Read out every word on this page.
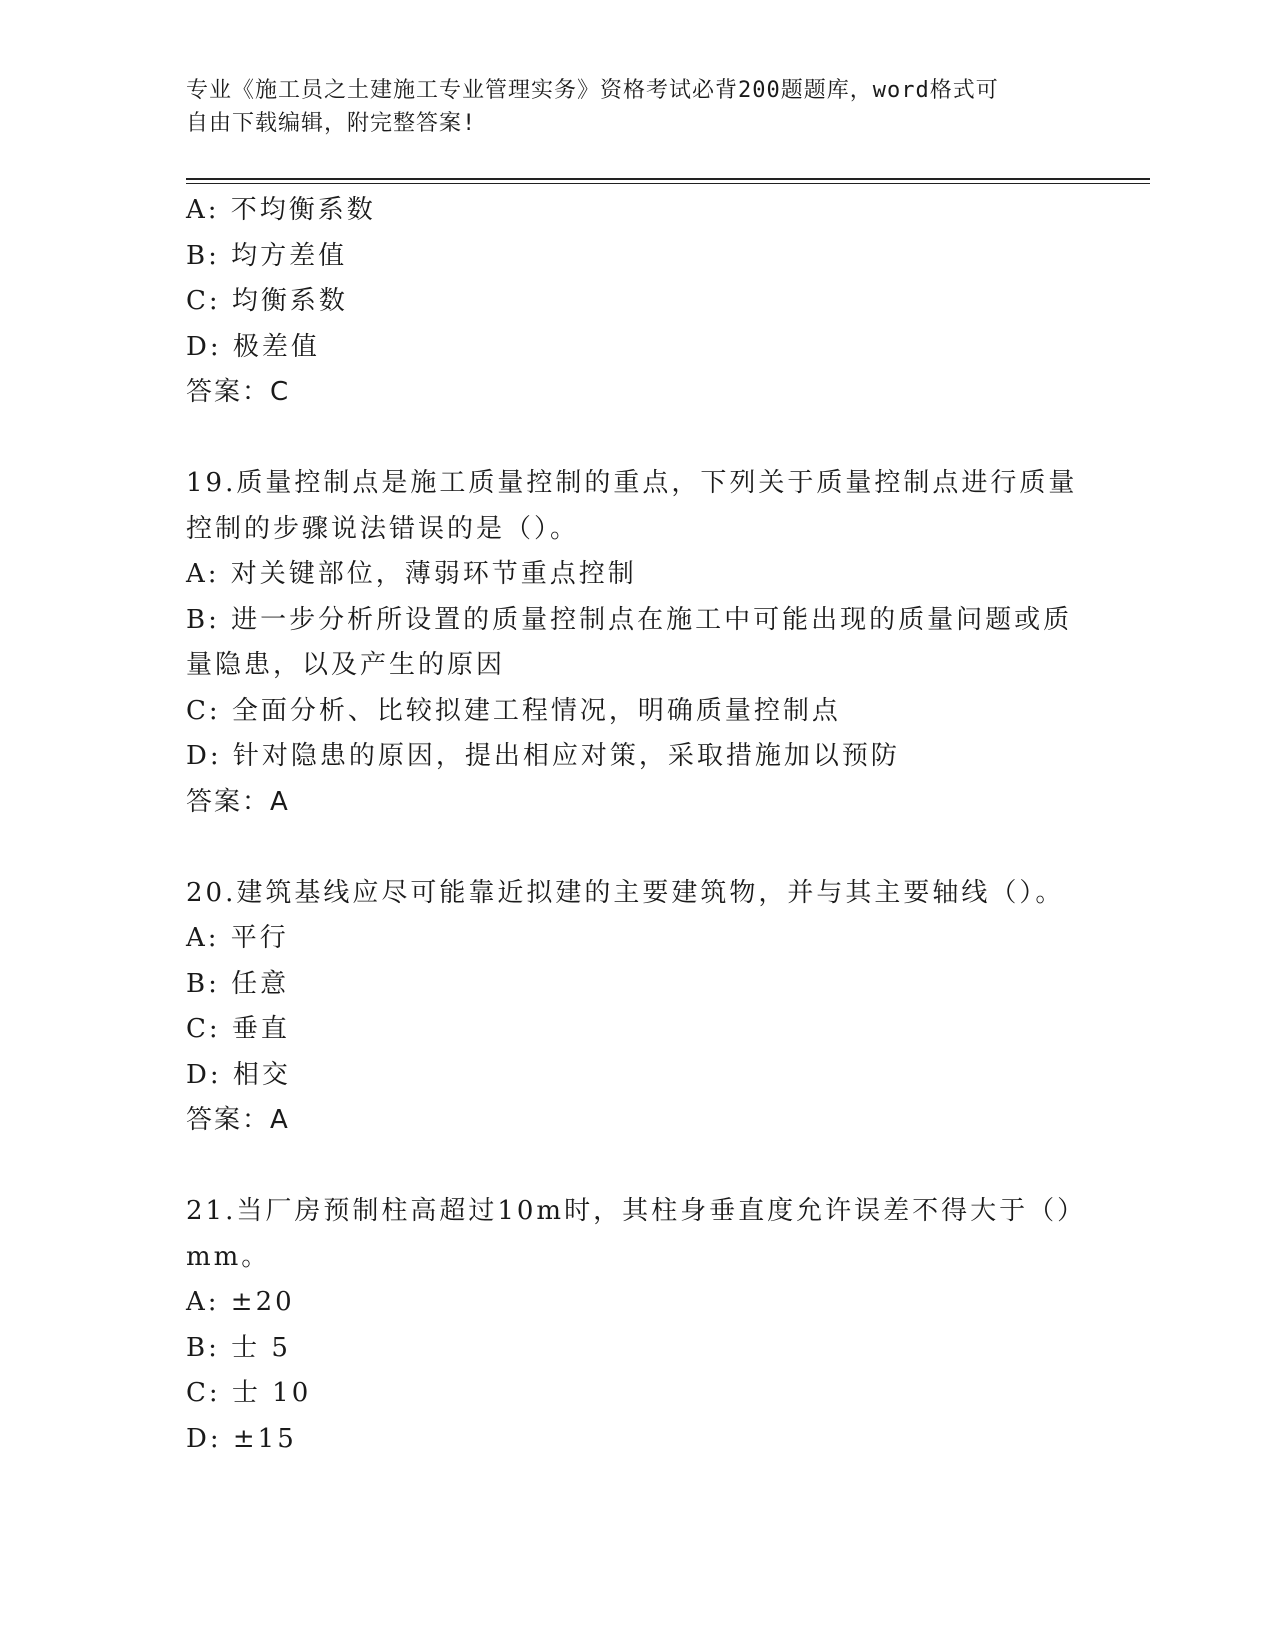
专业《施工员之土建施工专业管理实务》资格考试必背200题题库，word格式可
自由下载编辑，附完整答案!
A: 不均衡系数
B: 均方差值
C: 均衡系数
D: 极差值
答案：C
19.质量控制点是施工质量控制的重点，下列关于质量控制点进行质量
控制的步骤说法错误的是（）。
A: 对关键部位，薄弱环节重点控制
B: 进一步分析所设置的质量控制点在施工中可能出现的质量问题或质
量隐患，以及产生的原因
C: 全面分析、比较拟建工程情况，明确质量控制点
D: 针对隐患的原因，提出相应对策，采取措施加以预防
答案：A
20.建筑基线应尽可能靠近拟建的主要建筑物，并与其主要轴线（）。
A: 平行
B: 任意
C: 垂直
D: 相交
答案：A
21.当厂房预制柱高超过10m时，其柱身垂直度允许误差不得大于（）
mm。
A: ±20
B: 士 5
C: 士 10
D: ±15
